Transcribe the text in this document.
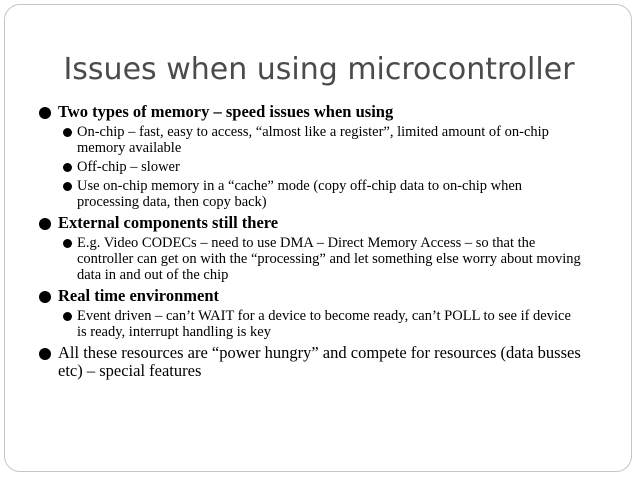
Issues when using microcontroller
Two types of memory – speed issues when using
On-chip – fast, easy to access, “almost like a register”, limited amount of on-chip memory available
Off-chip – slower
Use on-chip memory in a “cache” mode (copy off-chip data to on-chip when processing data, then copy back)
External components still there
E.g. Video CODECs – need to use DMA – Direct Memory Access – so that the controller can get on with the “processing” and let something else worry about moving data in and out of the chip
Real time environment
Event driven – can’t WAIT for a device to become ready, can’t POLL to see if device is ready, interrupt handling is key
All these resources are “power hungry” and compete for resources (data busses etc) – special features
